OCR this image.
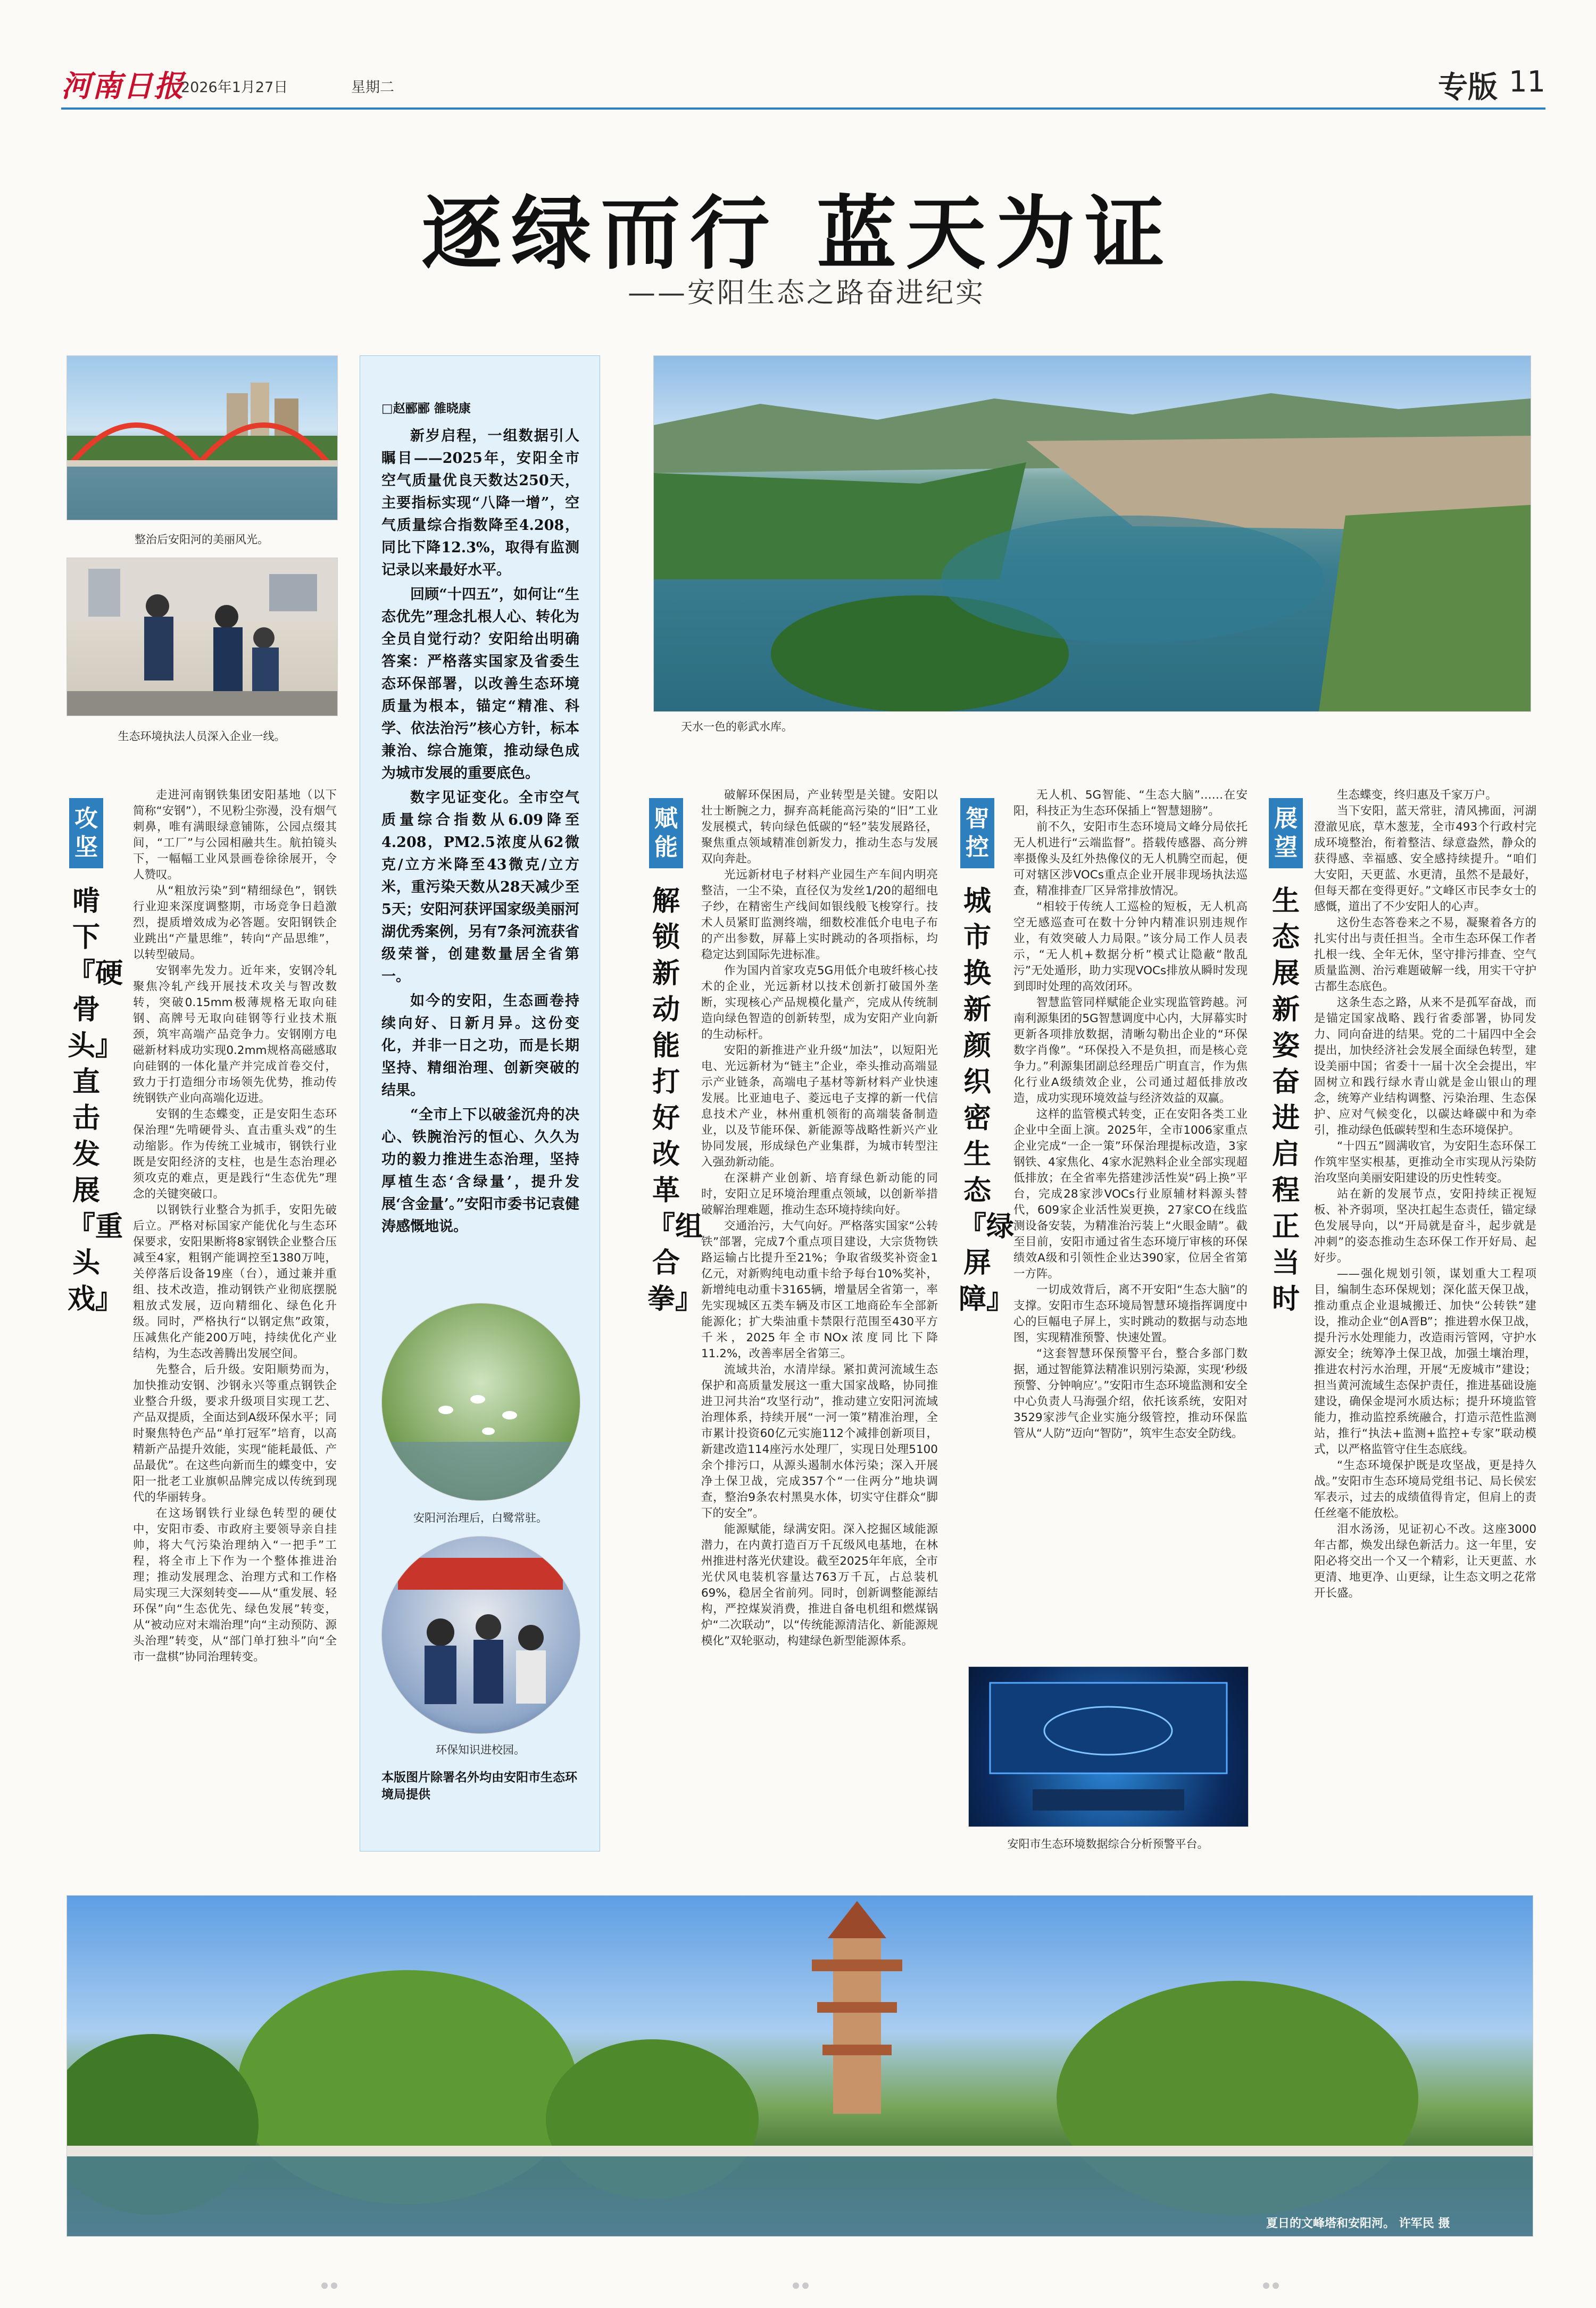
河南日报
2026年1月27日	星期二	专版 11
逐绿而行 蓝天为证
——安阳生态之路奋进纪实
整治后安阳河的美丽风光。
生态环境执法人员深入企业一线。
□赵郦郦 雒晓康

新岁启程，一组数据引人瞩目——2025年，安阳全市空气质量优良天数达250天，主要指标实现“八降一增”，空气质量综合指数降至4.208，同比下降12.3%，取得有监测记录以来最好水平。

回顾“十四五”，如何让“生态优先”理念扎根人心、转化为全员自觉行动？安阳给出明确答案：严格落实国家及省委生态环保部署，以改善生态环境质量为根本，锚定“精准、科学、依法治污”核心方针，标本兼治、综合施策，推动绿色成为城市发展的重要底色。

数字见证变化。全市空气质量综合指数从6.09降至4.208，PM2.5浓度从62微克/立方米降至43微克/立方米，重污染天数从28天减少至5天；安阳河获评国家级美丽河湖优秀案例，另有7条河流获省级荣誉，创建数量居全省第一。

如今的安阳，生态画卷持续向好、日新月异。这份变化，并非一日之功，而是长期坚持、精细治理、创新突破的结果。

“全市上下以破釜沉舟的决心、铁腕治污的恒心、久久为功的毅力推进生态治理，坚持厚植生态‘含绿量’，提升发展‘含金量’。”安阳市委书记袁健涛感慨地说。

安阳河治理后，白鹭常驻。
环保知识进校园。
本版图片除署名外均由安阳市生态环境局提供
天水一色的彰武水库。
攻坚
啃下『硬骨头』 直击发展『重头戏』

走进河南钢铁集团安阳基地（以下简称“安钢”），不见粉尘弥漫，没有烟气刺鼻，唯有满眼绿意铺陈，公园点缀其间，“工厂”与公园相融共生。航拍镜头下，一幅幅工业风景画卷徐徐展开，令人赞叹。

从“粗放污染”到“精细绿色”，钢铁行业迎来深度调整期，市场竞争日趋激烈，提质增效成为必答题。安阳钢铁企业跳出“产量思维”，转向“产品思维”，以转型破局。

安钢率先发力。近年来，安钢冷轧聚焦冷轧产线开展技术攻关与智改数转，突破0.15mm极薄规格无取向硅钢、高牌号无取向硅钢等行业技术瓶颈，筑牢高端产品竞争力。安钢刚方电磁新材料成功实现0.2mm规格高磁感取向硅钢的一体化量产并完成首卷交付，致力于打造细分市场领先优势，推动传统钢铁产业向高端化迈进。

安钢的生态蝶变，正是安阳生态环保治理“先啃硬骨头、直击重头戏”的生动缩影。作为传统工业城市，钢铁行业既是安阳经济的支柱，也是生态治理必须攻克的难点，更是践行“生态优先”理念的关键突破口。

以钢铁行业整合为抓手，安阳先破后立。严格对标国家产能优化与生态环保要求，安阳果断将8家钢铁企业整合压减至4家，粗钢产能调控至1380万吨，关停落后设备19座（台），通过兼并重组、技术改造，推动钢铁产业彻底摆脱粗放式发展，迈向精细化、绿色化升级。同时，严格执行“以钢定焦”政策，压减焦化产能200万吨，持续优化产业结构，为生态改善腾出发展空间。

先整合，后升级。安阳顺势而为，加快推动安钢、沙钢永兴等重点钢铁企业整合升级，要求升级项目实现工艺、产品双提质，全面达到A级环保水平；同时聚焦特色产品“单打冠军”培育，以高精新产品提升效能，实现“能耗最低、产品最优”。在这些向新而生的蝶变中，安阳一批老工业旗帜品牌完成以传统到现代的华丽转身。

在这场钢铁行业绿色转型的硬仗中，安阳市委、市政府主要领导亲自挂帅，将大气污染治理纳入“一把手”工程，将全市上下作为一个整体推进治理；推动发展理念、治理方式和工作格局实现三大深刻转变——从“重发展、轻环保”向“生态优先、绿色发展”转变，从“被动应对末端治理”向“主动预防、源头治理”转变，从“部门单打独斗”向“全市一盘棋”协同治理转变。

赋能
解锁新动能 打好改革『组合拳』

破解环保困局，产业转型是关键。安阳以壮士断腕之力，摒弃高耗能高污染的“旧”工业发展模式，转向绿色低碳的“轻”装发展路径，聚焦重点领域精准创新发力，推动生态与发展双向奔赴。

光远新材电子材料产业园生产车间内明亮整洁，一尘不染，直径仅为发丝1/20的超细电子纱，在精密生产线间如银线般飞梭穿行。技术人员紧盯监测终端，细数校准低介电电子布的产出参数，屏幕上实时跳动的各项指标，均稳定达到国际先进标准。

作为国内首家攻克5G用低介电玻纤核心技术的企业，光远新材以技术创新打破国外垄断，实现核心产品规模化量产，完成从传统制造向绿色智造的创新转型，成为安阳产业向新的生动标杆。

安阳的新推进产业升级“加法”，以短阳光电、光远新材为“链主”企业，牵头推动高端显示产业链条，高端电子基材等新材料产业快速发展。比亚迪电子、菱远电子支撑的新一代信息技术产业，林州重机领衔的高端装备制造业，以及节能环保、新能源等战略性新兴产业协同发展，形成绿色产业集群，为城市转型注入强劲新动能。

在深耕产业创新、培育绿色新动能的同时，安阳立足环境治理重点领域，以创新举措破解治理难题，推动生态环境持续向好。

交通治污，大气向好。严格落实国家“公转铁”部署，完成7个重点项目建设，大宗货物铁路运输占比提升至21%；争取省级奖补资金1亿元，对新购纯电动重卡给予每台10%奖补，新增纯电动重卡3165辆，增量居全省第一，率先实现城区五类车辆及市区工地商砼车全部新能源化；扩大柴油重卡禁限行范围至430平方千米，2025年全市NOx浓度同比下降11.2%，改善率居全省第三。

流域共治，水清岸绿。紧扣黄河流域生态保护和高质量发展这一重大国家战略，协同推进卫河共治“攻坚行动”，推动建立安阳河流域治理体系，持续开展“一河一策”精准治理，全市累计投资60亿元实施112个减排创新项目，新建改造114座污水处理厂，实现日处理5100余个排污口，从源头遏制水体污染；深入开展净土保卫战，完成357个“一住两分”地块调查，整治9条农村黑臭水体，切实守住群众“脚下的安全”。

能源赋能，绿满安阳。深入挖掘区域能源潜力，在内黄打造百万千瓦级风电基地，在林州推进村落光伏建设。截至2025年年底，全市光伏风电装机容量达763万千瓦，占总装机69%，稳居全省前列。同时，创新调整能源结构，严控煤炭消费，推进自备电机组和燃煤锅炉“二次联动”，以“传统能源清洁化、新能源规模化”双轮驱动，构建绿色新型能源体系。

智控
城市换新颜 织密生态『绿屏障』

无人机、5G智能、“生态大脑”……在安阳，科技正为生态环保插上“智慧翅膀”。

前不久，安阳市生态环境局文峰分局依托无人机进行“云端监督”。搭载传感器、高分辨率摄像头及红外热像仪的无人机腾空而起，便可对辖区涉VOCs重点企业开展非现场执法巡查，精准排查厂区异常排放情况。

“相较于传统人工巡检的短板，无人机高空无感巡查可在数十分钟内精准识别违规作业，有效突破人力局限。”该分局工作人员表示，“无人机+数据分析”模式让隐蔽“散乱污”无处遁形，助力实现VOCs排放从瞬时发现到即时处理的高效闭环。

智慧监管同样赋能企业实现监管跨越。河南利源集团的5G智慧调度中心内，大屏幕实时更新各项排放数据，清晰勾勒出企业的“环保数字肖像”。“环保投入不是负担，而是核心竞争力。”利源集团副总经理岳广明直言，作为焦化行业A级绩效企业，公司通过超低排放改造，成功实现环境效益与经济效益的双赢。

这样的监管模式转变，正在安阳各类工业企业中全面上演。2025年，全市1006家重点企业完成“一企一策”环保治理提标改造，3家钢铁、4家焦化、4家水泥熟料企业全部实现超低排放；在全省率先搭建涉活性炭“码上换”平台，完成28家涉VOCs行业原辅材料源头替代，609家企业活性炭更换，27家CO在线监测设备安装，为精准治污装上“火眼金睛”。截至目前，安阳市通过省生态环境厅审核的环保绩效A级和引领性企业达390家，位居全省第一方阵。

一切成效背后，离不开安阳“生态大脑”的支撑。安阳市生态环境局智慧环境指挥调度中心的巨幅电子屏上，实时跳动的数据与动态地图，实现精准预警、快速处置。

“这套智慧环保预警平台，整合多部门数据，通过智能算法精准识别污染源，实现‘秒级预警、分钟响应’。”安阳市生态环境监测和安全中心负责人马海强介绍，依托该系统，安阳对3529家涉气企业实施分级管控，推动环保监管从“人防”迈向“智防”，筑牢生态安全防线。

安阳市生态环境数据综合分析预警平台。
展望
生态展新姿 奋进启程正当时

生态蝶变，终归惠及千家万户。

当下安阳，蓝天常驻，清风拂面，河湖澄澈见底，草木葱茏，全市493个行政村完成环境整治，衔着整洁、绿意盎然，静众的获得感、幸福感、安全感持续提升。“咱们大安阳，天更蓝、水更清，虽然不是最好，但每天都在变得更好。”文峰区市民李女士的感慨，道出了不少安阳人的心声。

这份生态答卷来之不易，凝聚着各方的扎实付出与责任担当。全市生态环保工作者扎根一线、全年无休，坚守排污排查、空气质量监测、治污难题破解一线，用实干守护古都生态底色。

这条生态之路，从来不是孤军奋战，而是锚定国家战略、践行省委部署，协同发力、同向奋进的结果。党的二十届四中全会提出，加快经济社会发展全面绿色转型，建设美丽中国；省委十一届十次全会提出，牢固树立和践行绿水青山就是金山银山的理念，统筹产业结构调整、污染治理、生态保护、应对气候变化，以碳达峰碳中和为牵引，推动绿色低碳转型和生态环境保护。

“十四五”圆满收官，为安阳生态环保工作筑牢坚实根基，更推动全市实现从污染防治攻坚向美丽安阳建设的历史性转变。

站在新的发展节点，安阳持续正视短板、补齐弱项，坚决扛起生态责任，锚定绿色发展导向，以“开局就是奋斗，起步就是冲刺”的姿态推动生态环保工作开好局、起好步。

——强化规划引领，谋划重大工程项目，编制生态环保规划；深化蓝天保卫战，推动重点企业退城搬迁、加快“公转铁”建设，推动企业“创A晋B”；推进碧水保卫战，提升污水处理能力，改造雨污管网，守护水源安全；统筹净土保卫战，加强土壤治理，推进农村污水治理，开展“无废城市”建设；担当黄河流域生态保护责任，推进基础设施建设，确保金堤河水质达标；提升环境监管能力，推动监控系统融合，打造示范性监测站，推行“执法+监测+监控+专家”联动模式，以严格监管守住生态底线。

“生态环境保护既是攻坚战，更是持久战。”安阳市生态环境局党组书记、局长侯宏军表示，过去的成绩值得肯定，但肩上的责任丝毫不能放松。

泪水汤汤，见证初心不改。这座3000年古都，焕发出绿色新活力。这一年里，安阳必将交出一个又一个精彩，让天更蓝、水更清、地更净、山更绿，让生态文明之花常开长盛。

夏日的文峰塔和安阳河。 许军民 摄
